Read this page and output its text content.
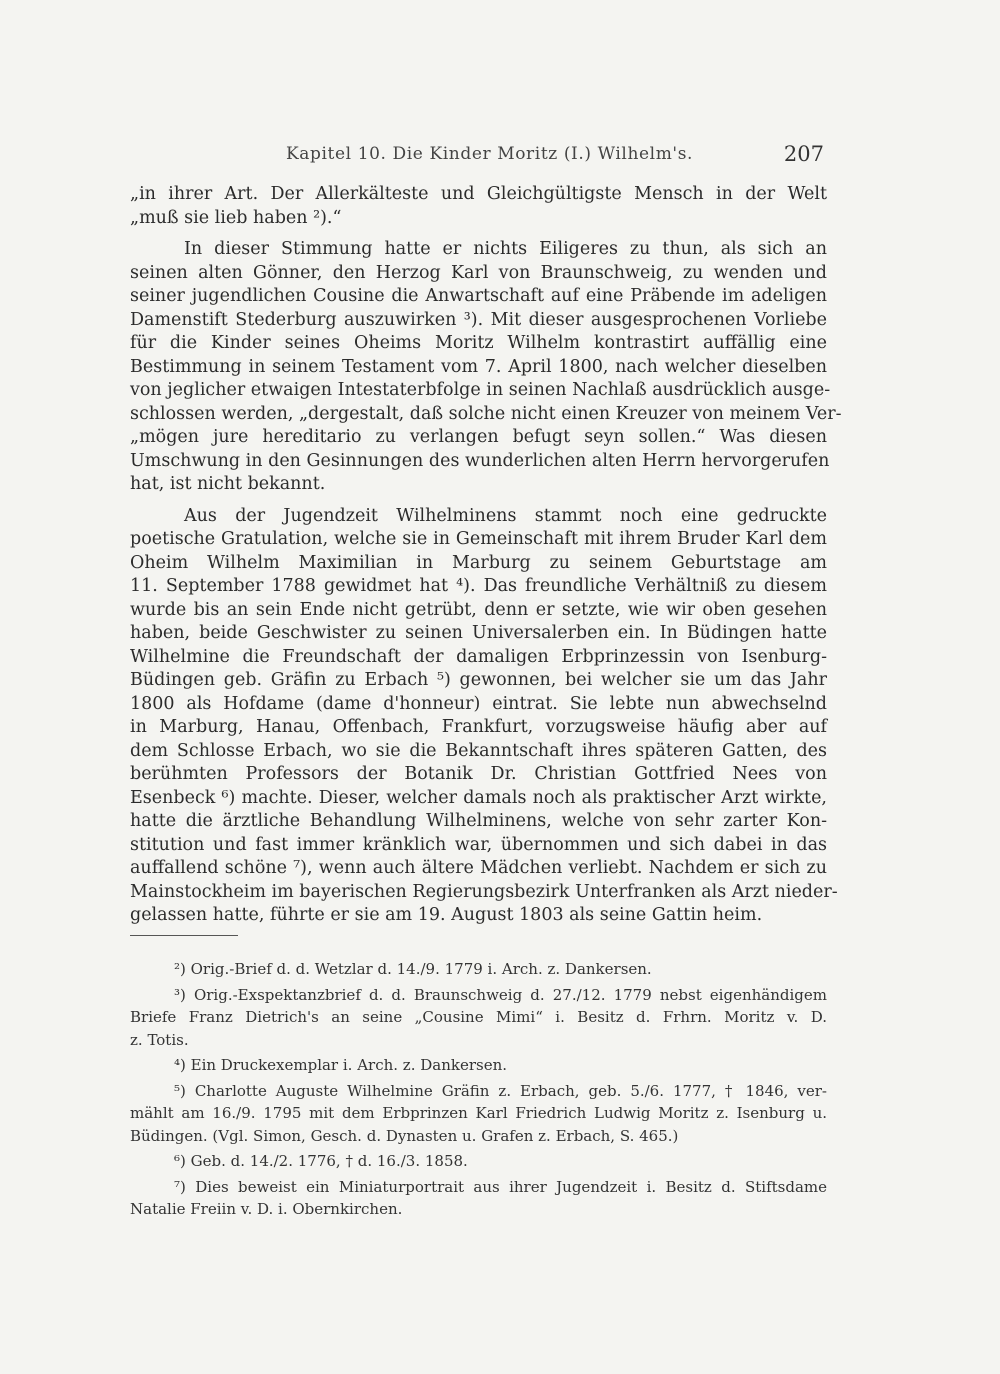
Kapitel 10. Die Kinder Moritz (I.) Wilhelm's.	207
„in ihrer Art. Der Allerkälteste und Gleichgültigste Mensch in der Welt
„muß sie lieb haben ²).“
In dieser Stimmung hatte er nichts Eiligeres zu thun, als sich an
seinen alten Gönner, den Herzog Karl von Braunschweig, zu wenden und
seiner jugendlichen Cousine die Anwartschaft auf eine Präbende im adeligen
Damenstift Stederburg auszuwirken ³). Mit dieser ausgesprochenen Vorliebe
für die Kinder seines Oheims Moritz Wilhelm kontrastirt auffällig eine
Bestimmung in seinem Testament vom 7. April 1800, nach welcher dieselben
von jeglicher etwaigen Intestaterbfolge in seinen Nachlaß ausdrücklich ausge-
schlossen werden, „dergestalt, daß solche nicht einen Kreuzer von meinem Ver-
„mögen jure hereditario zu verlangen befugt seyn sollen.“ Was diesen
Umschwung in den Gesinnungen des wunderlichen alten Herrn hervorgerufen
hat, ist nicht bekannt.
Aus der Jugendzeit Wilhelminens stammt noch eine gedruckte
poetische Gratulation, welche sie in Gemeinschaft mit ihrem Bruder Karl dem
Oheim Wilhelm Maximilian in Marburg zu seinem Geburtstage am
11. September 1788 gewidmet hat ⁴). Das freundliche Verhältniß zu diesem
wurde bis an sein Ende nicht getrübt, denn er setzte, wie wir oben gesehen
haben, beide Geschwister zu seinen Universalerben ein. In Büdingen hatte
Wilhelmine die Freundschaft der damaligen Erbprinzessin von Isenburg-
Büdingen geb. Gräfin zu Erbach ⁵) gewonnen, bei welcher sie um das Jahr
1800 als Hofdame (dame d'honneur) eintrat. Sie lebte nun abwechselnd
in Marburg, Hanau, Offenbach, Frankfurt, vorzugsweise häufig aber auf
dem Schlosse Erbach, wo sie die Bekanntschaft ihres späteren Gatten, des
berühmten Professors der Botanik Dr. Christian Gottfried Nees von
Esenbeck ⁶) machte. Dieser, welcher damals noch als praktischer Arzt wirkte,
hatte die ärztliche Behandlung Wilhelminens, welche von sehr zarter Kon-
stitution und fast immer kränklich war, übernommen und sich dabei in das
auffallend schöne ⁷), wenn auch ältere Mädchen verliebt. Nachdem er sich zu
Mainstockheim im bayerischen Regierungsbezirk Unterfranken als Arzt nieder-
gelassen hatte, führte er sie am 19. August 1803 als seine Gattin heim.
²) Orig.-Brief d. d. Wetzlar d. 14./9. 1779 i. Arch. z. Dankersen.
³) Orig.-Exspektanzbrief d. d. Braunschweig d. 27./12. 1779 nebst eigenhändigem
Briefe Franz Dietrich's an seine „Cousine Mimi“ i. Besitz d. Frhrn. Moritz v. D.
z. Totis.
⁴) Ein Druckexemplar i. Arch. z. Dankersen.
⁵) Charlotte Auguste Wilhelmine Gräfin z. Erbach, geb. 5./6. 1777, † 1846, ver-
mählt am 16./9. 1795 mit dem Erbprinzen Karl Friedrich Ludwig Moritz z. Isenburg u.
Büdingen. (Vgl. Simon, Gesch. d. Dynasten u. Grafen z. Erbach, S. 465.)
⁶) Geb. d. 14./2. 1776, † d. 16./3. 1858.
⁷) Dies beweist ein Miniaturportrait aus ihrer Jugendzeit i. Besitz d. Stiftsdame
Natalie Freiin v. D. i. Obernkirchen.
